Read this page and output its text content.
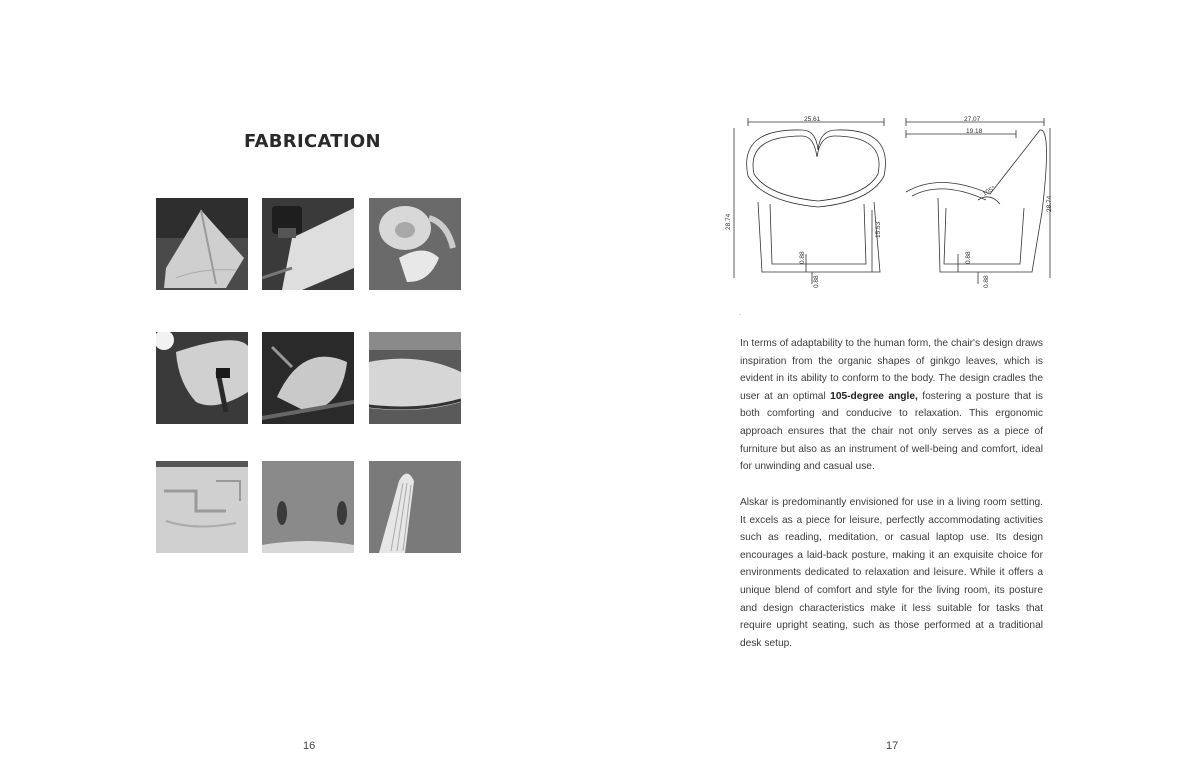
FABRICATION
16
25.61	27.07
19.18
28.74	15.53
28.74
105°
0.88
0.88
0.88
0.88
.

In terms of adaptability to the human form, the chair's design draws inspiration from the organic shapes of ginkgo leaves, which is evident in its ability to conform to the body. The design cradles the user at an optimal 105-degree angle, fostering a posture that is both comforting and conducive to relaxation. This ergonomic approach ensures that the chair not only serves as a piece of furniture but also as an instrument of well-being and comfort, ideal for unwinding and casual use.

Alskar is predominantly envisioned for use in a living room setting. It excels as a piece for leisure, perfectly accommodating activities such as reading, meditation, or casual laptop use. Its design encourages a laid-back posture, making it an exquisite choice for environments dedicated to relaxation and leisure. While it offers a unique blend of comfort and style for the living room, its posture and design characteristics make it less suitable for tasks that require upright seating, such as those performed at a traditional desk setup.

17
